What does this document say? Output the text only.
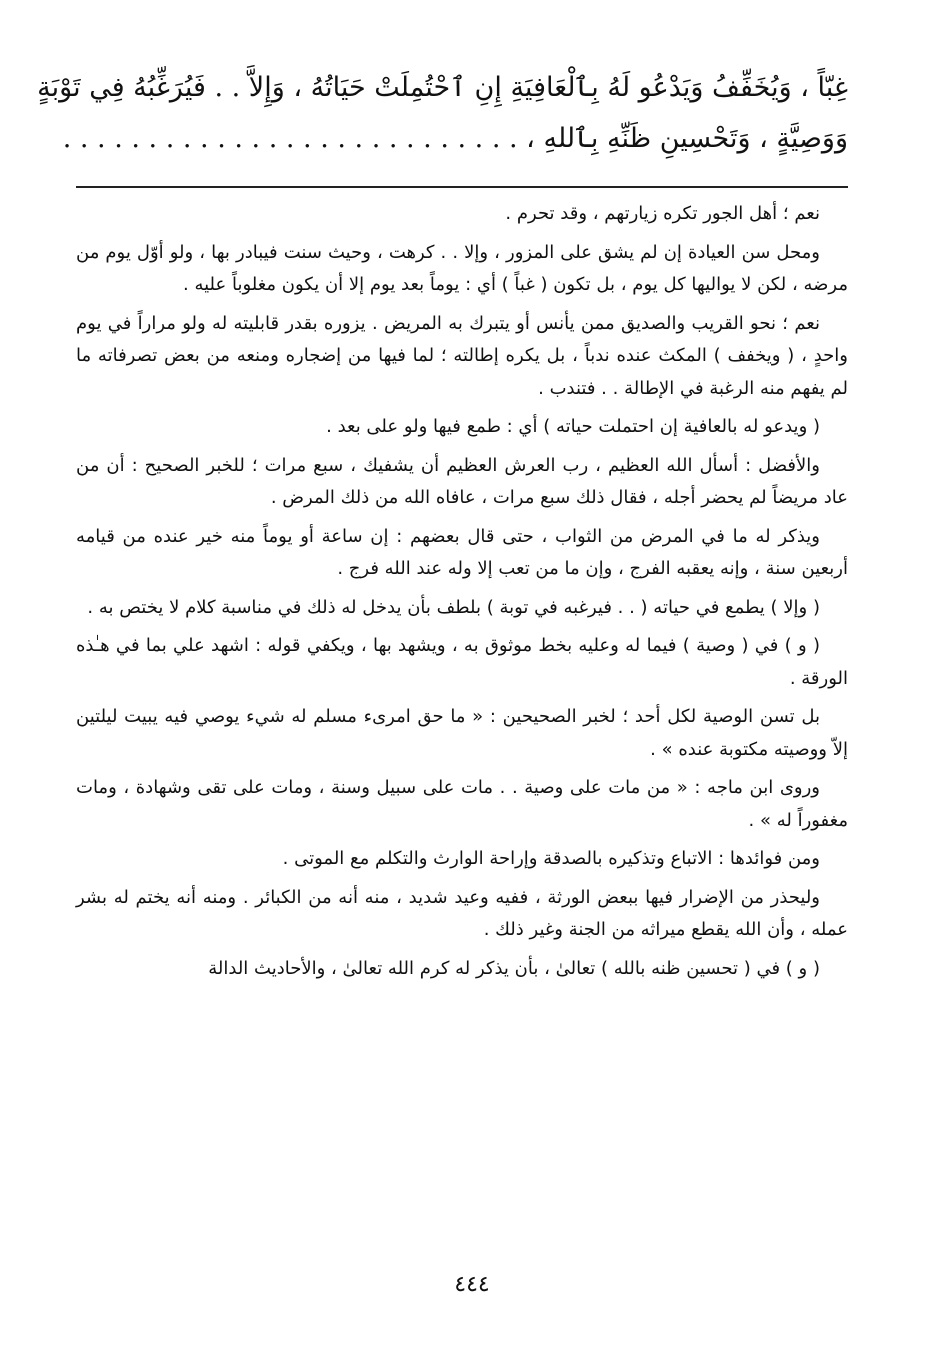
غِبّاً ، وَيُخَفِّفُ وَيَدْعُو لَهُ بِٱلْعَافِيَةِ إِنِ ٱحْتُمِلَتْ حَيَاتُهُ ، وَإِلاَّ . . فَيُرَغِّبُهُ فِي تَوْبَةٍ
وَوَصِيَّةٍ ، وَتَحْسِينِ ظَنِّهِ بِٱللهِ ، . . . . . . . . . . . . . . . . . . . . . . . . . . .

نعم ؛ أهل الجور تكره زيارتهم ، وقد تحرم .

ومحل سن العيادة إن لم يشق على المزور ، وإلا . . كرهت ، وحيث سنت فيبادر بها ، ولو أوّل يوم من مرضه ، لكن لا يواليها كل يوم ، بل تكون ( غباً ) أي : يوماً بعد يوم إلا أن يكون مغلوباً عليه .

نعم ؛ نحو القريب والصديق ممن يأنس أو يتبرك به المريض . يزوره بقدر قابليته له ولو مراراً في يوم واحدٍ ، ( ويخفف ) المكث عنده ندباً ، بل يكره إطالته ؛ لما فيها من إضجاره ومنعه من بعض تصرفاته ما لم يفهم منه الرغبة في الإطالة . . فتندب .

( ويدعو له بالعافية إن احتملت حياته ) أي : طمع فيها ولو على بعد .

والأفضل : أسأل الله العظيم ، رب العرش العظيم أن يشفيك ، سبع مرات ؛ للخبر الصحيح : أن من عاد مريضاً لم يحضر أجله ، فقال ذلك سبع مرات ، عافاه الله من ذلك المرض .

ويذكر له ما في المرض من الثواب ، حتى قال بعضهم : إن ساعة أو يوماً منه خير عنده من قيامه أربعين سنة ، وإنه يعقبه الفرج ، وإن ما من تعب إلا وله عند الله فرج .

( وإلا ) يطمع في حياته ( . . فيرغبه في توبة ) بلطف بأن يدخل له ذلك في مناسبة كلام لا يختص به .

( و ) في ( وصية ) فيما له وعليه بخط موثوق به ، ويشهد بها ، ويكفي قوله : اشهد علي بما في هـٰذه الورقة .

بل تسن الوصية لكل أحد ؛ لخبر الصحيحين : « ما حق امرىء مسلم له شيء يوصي فيه يبيت ليلتين إلاّ ووصيته مكتوبة عنده » .

وروى ابن ماجه : « من مات على وصية . . مات على سبيل وسنة ، ومات على تقى وشهادة ، ومات مغفوراً له » .

ومن فوائدها : الاتباع وتذكيره بالصدقة وإراحة الوارث والتكلم مع الموتى .

وليحذر من الإضرار فيها ببعض الورثة ، ففيه وعيد شديد ، منه أنه من الكبائر . ومنه أنه يختم له بشر عمله ، وأن الله يقطع ميراثه من الجنة وغير ذلك .

( و ) في ( تحسين ظنه بالله ) تعالىٰ ، بأن يذكر له كرم الله تعالىٰ ، والأحاديث الدالة

٤٤٤
